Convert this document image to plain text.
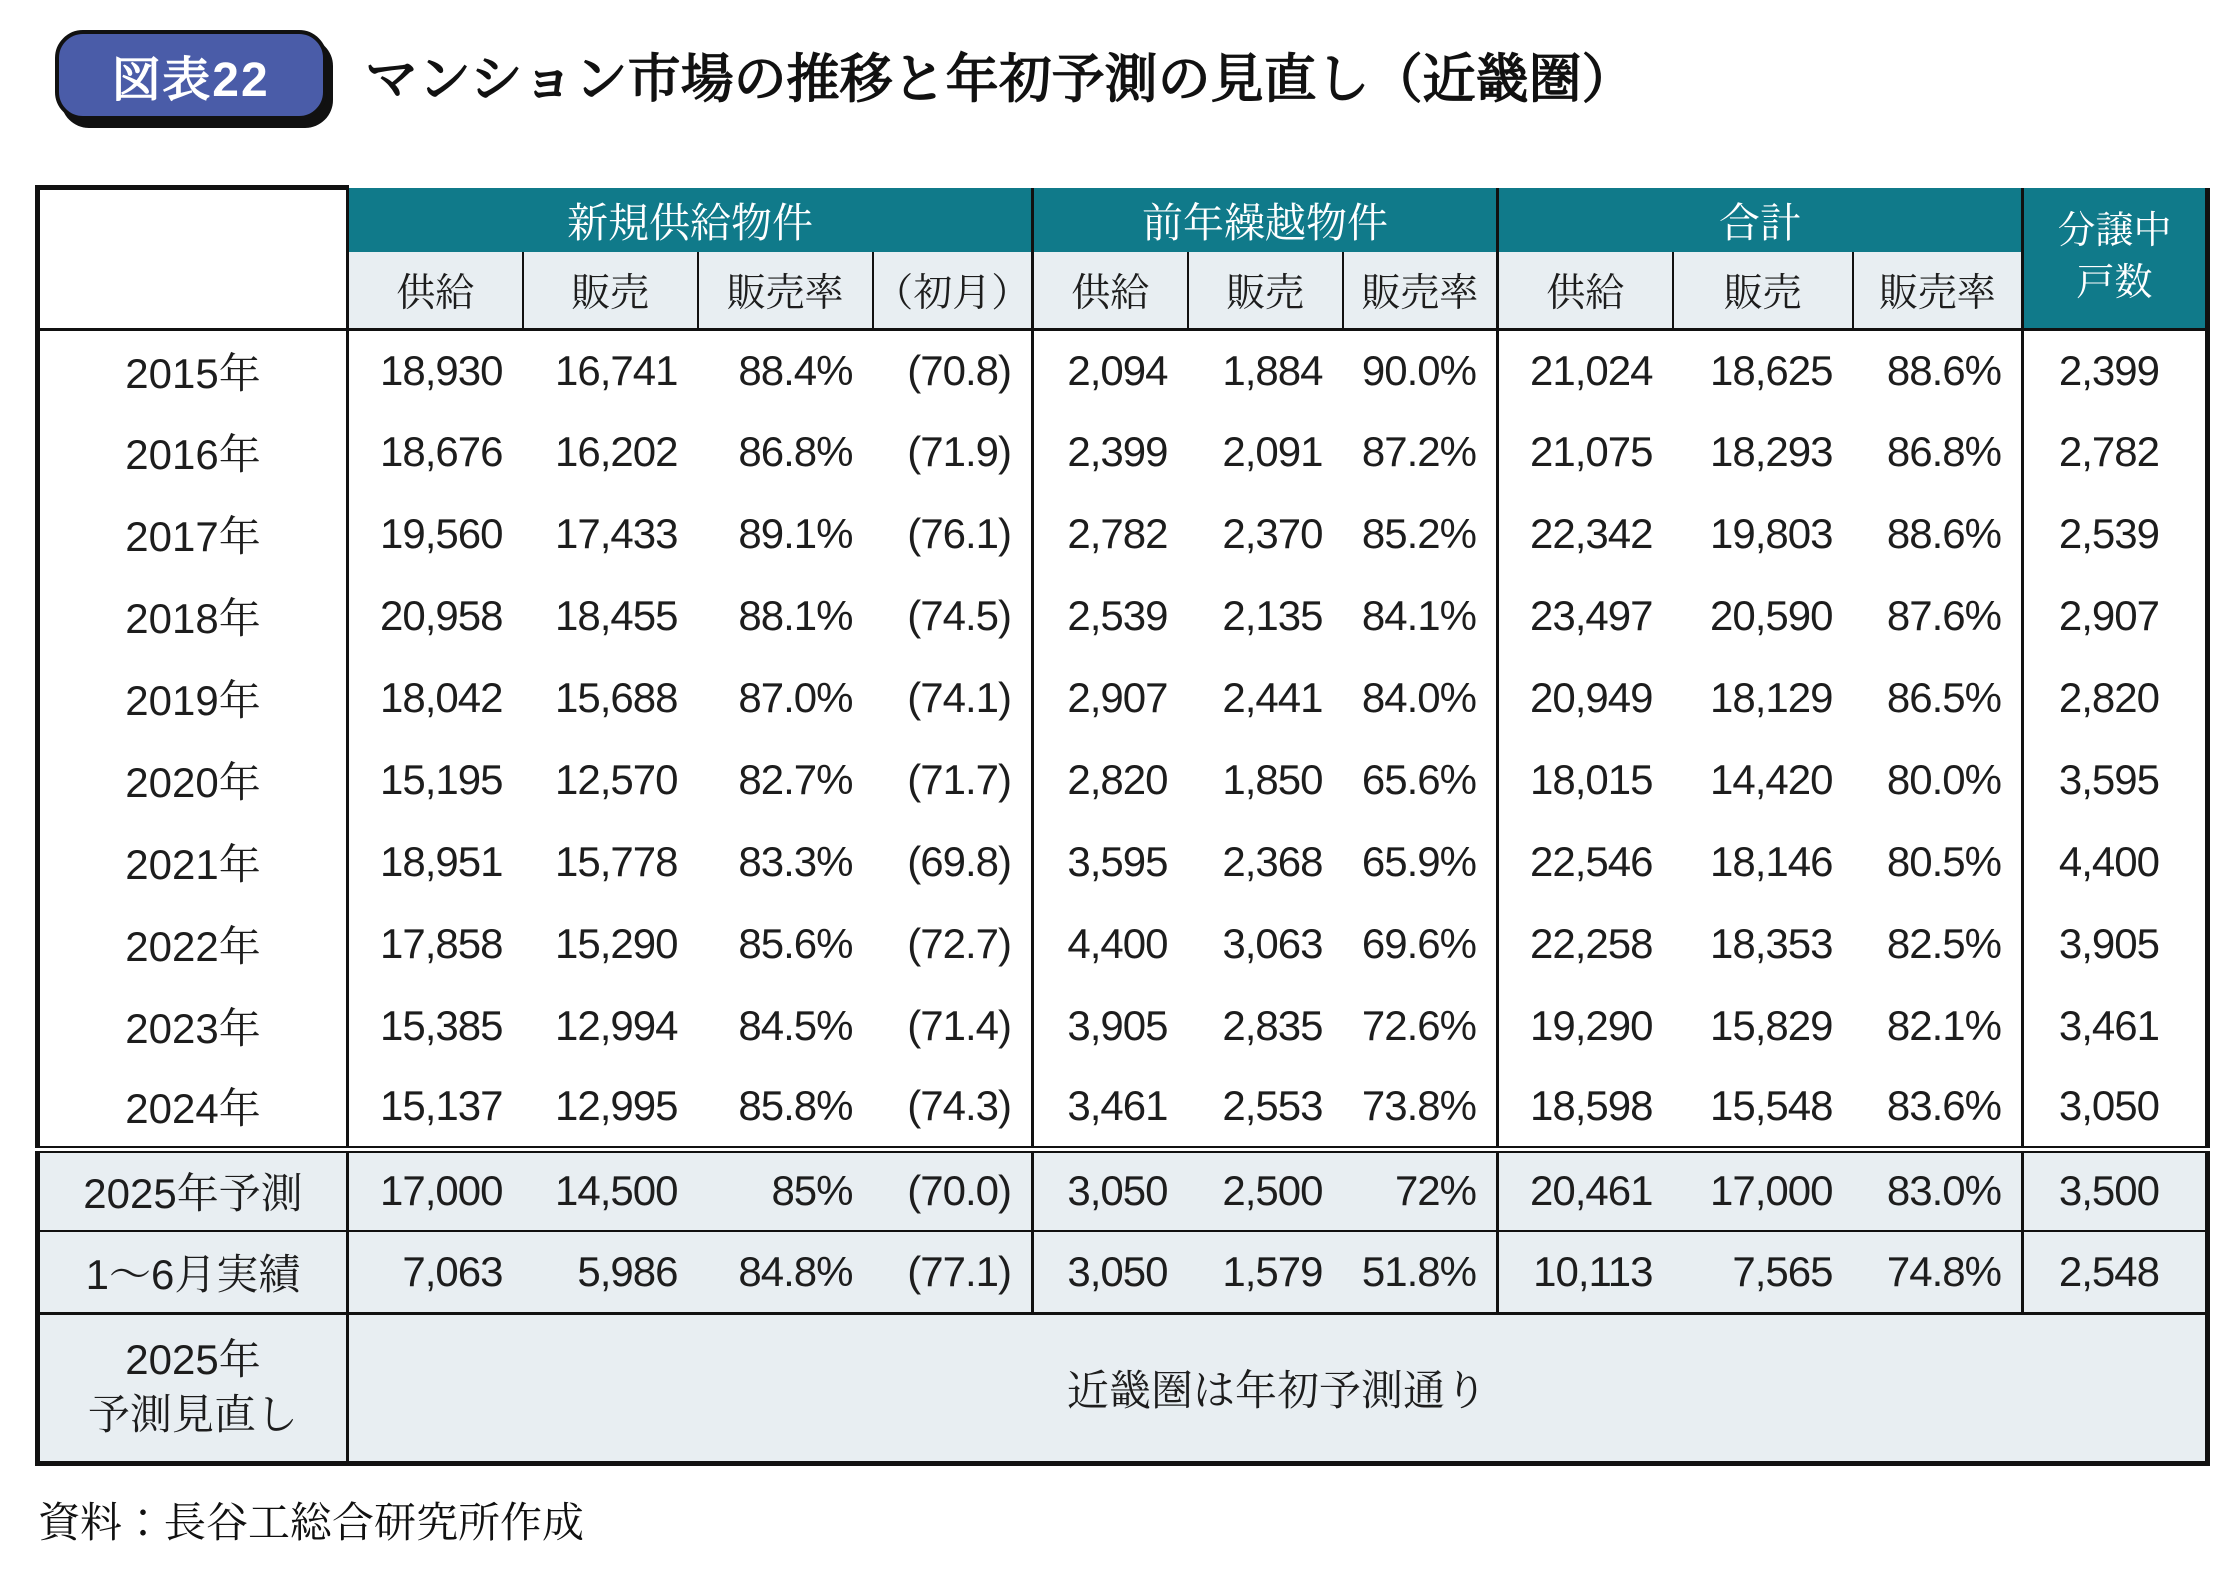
図表22 マンション市場の推移と年初予測の見直し（近畿圏）
	新規供給物件				前年繰越物件			合計			分譲中
戸数

	供給	販売	販売率	（初月）	供給	販売	販売率	供給	販売	販売率	
2015年	18,930	16,741	88.4%	(70.8)	2,094	1,884	90.0%	21,024	18,625	88.6%	2,399
2016年	18,676	16,202	86.8%	(71.9)	2,399	2,091	87.2%	21,075	18,293	86.8%	2,782
2017年	19,560	17,433	89.1%	(76.1)	2,782	2,370	85.2%	22,342	19,803	88.6%	2,539
2018年	20,958	18,455	88.1%	(74.5)	2,539	2,135	84.1%	23,497	20,590	87.6%	2,907
2019年	18,042	15,688	87.0%	(74.1)	2,907	2,441	84.0%	20,949	18,129	86.5%	2,820
2020年	15,195	12,570	82.7%	(71.7)	2,820	1,850	65.6%	18,015	14,420	80.0%	3,595
2021年	18,951	15,778	83.3%	(69.8)	3,595	2,368	65.9%	22,546	18,146	80.5%	4,400
2022年	17,858	15,290	85.6%	(72.7)	4,400	3,063	69.6%	22,258	18,353	82.5%	3,905
2023年	15,385	12,994	84.5%	(71.4)	3,905	2,835	72.6%	19,290	15,829	82.1%	3,461
2024年	15,137	12,995	85.8%	(74.3)	3,461	2,553	73.8%	18,598	15,548	83.6%	3,050
2025年予測	17,000	14,500	85%	(70.0)	3,050	2,500	72%	20,461	17,000	83.0%	3,500
1～6月実績	7,063	5,986	84.8%	(77.1)	3,050	1,579	51.8%	10,113	7,565	74.8%	2,548

2025年
予測見直し	近畿圏は年初予測通り										
資料：長谷工総合研究所作成
